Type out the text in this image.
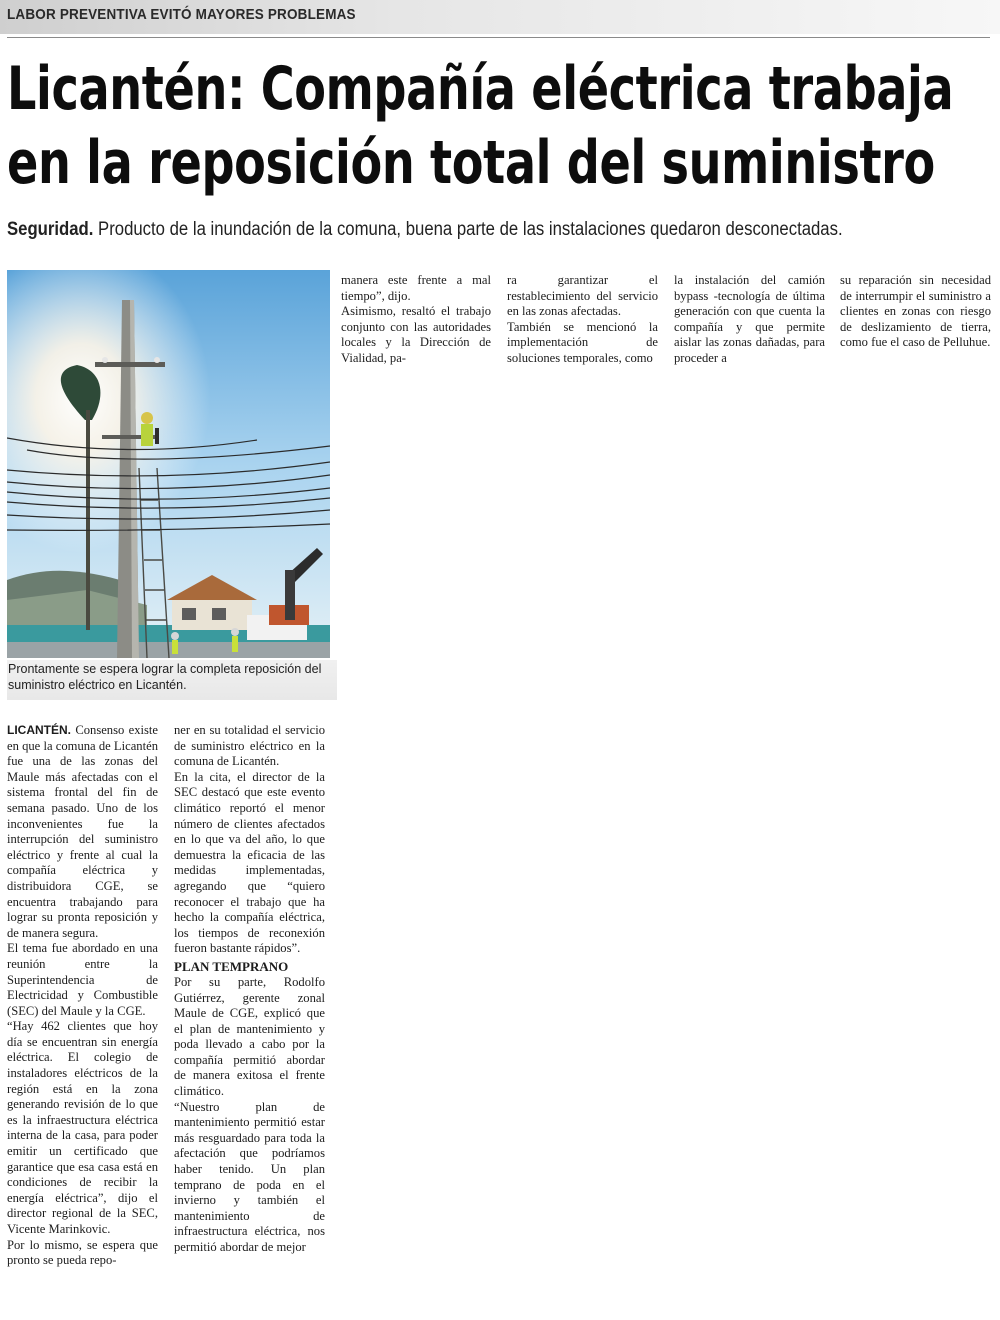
LABOR PREVENTIVA EVITÓ MAYORES PROBLEMAS
Licantén: Compañía eléctrica trabaja
en la reposición total del suministro
Seguridad. Producto de la inundación de la comuna, buena parte de las instalaciones quedaron desconectadas.

Prontamente se espera lograr la completa reposición del suministro eléctrico en Licantén.

LICANTÉN. Consenso existe en que la comuna de Licantén fue una de las zonas del Maule más afectadas con el sistema frontal del fin de semana pasado. Uno de los inconvenientes fue la interrupción del suministro eléctrico y frente al cual la compañía eléctrica y distribuidora CGE, se encuentra trabajando para lograr su pronta reposición y de manera segura.

El tema fue abordado en una reunión entre la Superintendencia de Electricidad y Combustible (SEC) del Maule y la CGE.

“Hay 462 clientes que hoy día se encuentran sin energía eléctrica. El colegio de instaladores eléctricos de la región está en la zona generando revisión de lo que es la infraestructura eléctrica interna de la casa, para poder emitir un certificado que garantice que esa casa está en condiciones de recibir la energía eléctrica”, dijo el director regional de la SEC, Vicente Marinkovic.

Por lo mismo, se espera que pronto se pueda repo-

ner en su totalidad el servicio de suministro eléctrico en la comuna de Licantén.

En la cita, el director de la SEC destacó que este evento climático reportó el menor número de clientes afectados en lo que va del año, lo que demuestra la eficacia de las medidas implementadas, agregando que “quiero reconocer el trabajo que ha hecho la compañía eléctrica, los tiempos de reconexión fueron bastante rápidos”.

PLAN TEMPRANO

Por su parte, Rodolfo Gutiérrez, gerente zonal Maule de CGE, explicó que el plan de mantenimiento y poda llevado a cabo por la compañía permitió abordar de manera exitosa el frente climático.

“Nuestro plan de mantenimiento permitió estar más resguardado para toda la afectación que podríamos haber tenido. Un plan temprano de poda en el invierno y también el mantenimiento de infraestructura eléctrica, nos permitió abordar de mejor

manera este frente a mal tiempo”, dijo.

Asimismo, resaltó el trabajo conjunto con las autoridades locales y la Dirección de Vialidad, pa-

ra garantizar el restablecimiento del servicio en las zonas afectadas.

También se mencionó la implementación de soluciones temporales, como

la instalación del camión bypass -tecnología de última generación con que cuenta la compañía y que permite aislar las zonas dañadas, para proceder a

su reparación sin necesidad de interrumpir el suministro a clientes en zonas con riesgo de deslizamiento de tierra, como fue el caso de Pelluhue.
